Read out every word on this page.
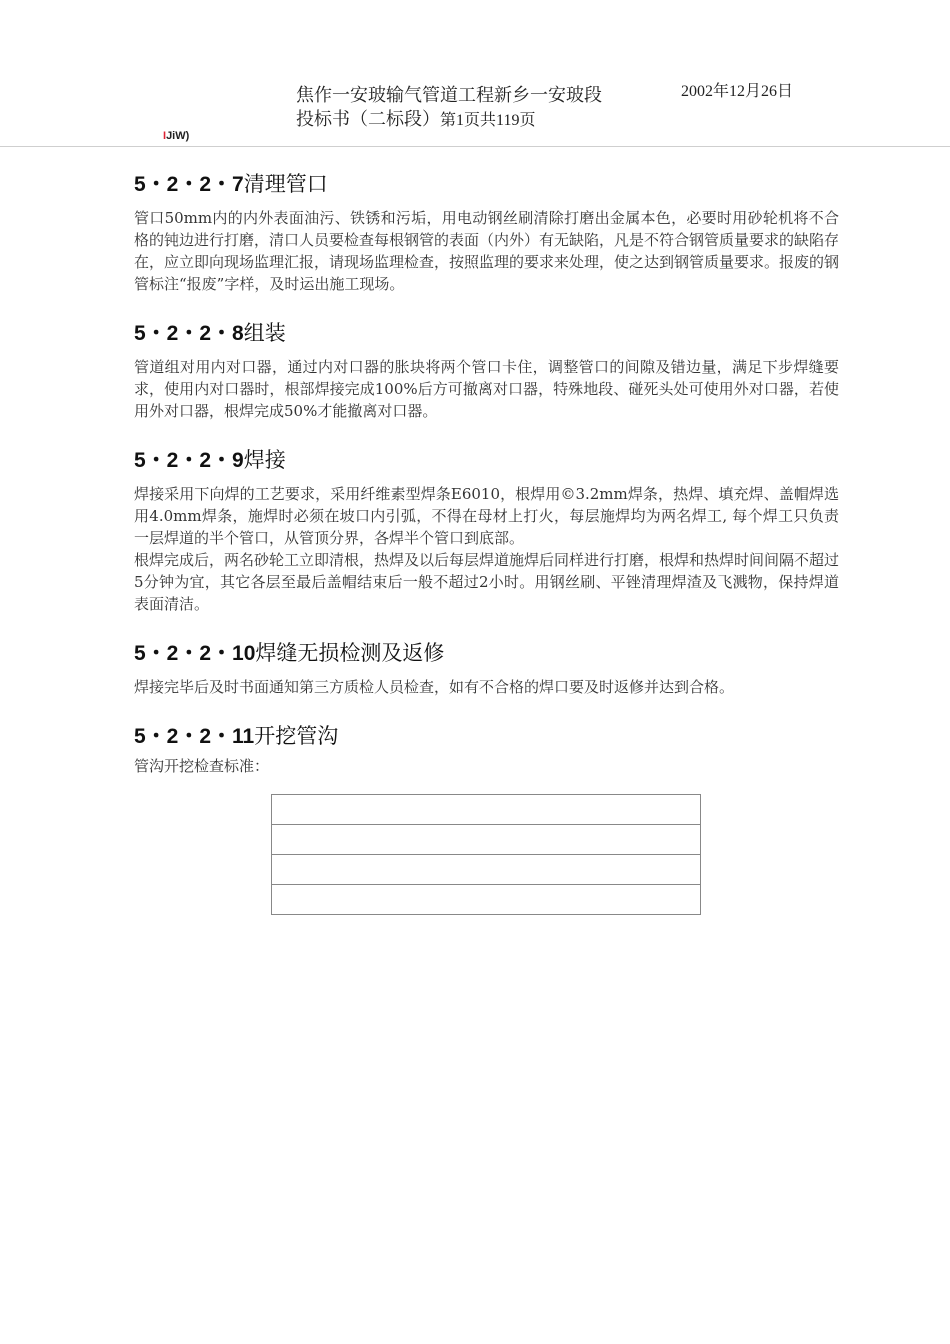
焦作一安玻输气管道工程新乡一安玻段
投标书（二标段）第1页共119页
2002年12月26日
IJiW)
5・2・2・7清理管口

管口50mm内的内外表面油污、铁锈和污垢，用电动钢丝刷清除打磨出金属本色，必要时用砂轮机将不合格的钝边进行打磨，清口人员要检查每根钢管的表面（内外）有无缺陷，凡是不符合钢管质量要求的缺陷存在，应立即向现场监理汇报，请现场监理检查，按照监理的要求来处理，使之达到钢管质量要求。报废的钢管标注“报废”字样，及时运出施工现场。

5・2・2・8组装

管道组对用内对口器，通过内对口器的胀块将两个管口卡住，调整管口的间隙及错边量，满足下步焊缝要求，使用内对口器时，根部焊接完成100%后方可撤离对口器，特殊地段、碰死头处可使用外对口器，若使用外对口器，根焊完成50%才能撤离对口器。

5・2・2・9焊接

焊接采用下向焊的工艺要求，采用纤维素型焊条E6010，根焊用©3.2mm焊条，热焊、填充焊、盖帽焊选用4.0mm焊条，施焊时必须在坡口内引弧，不得在母材上打火，每层施焊均为两名焊工, 每个焊工只负责一层焊道的半个管口，从管顶分界，各焊半个管口到底部。

根焊完成后，两名砂轮工立即清根，热焊及以后每层焊道施焊后同样进行打磨，根焊和热焊时间间隔不超过5分钟为宜，其它各层至最后盖帽结束后一般不超过2小时。用钢丝刷、平锉清理焊渣及飞溅物，保持焊道表面清洁。

5・2・2・10焊缝无损检测及返修

焊接完毕后及时书面通知第三方质检人员检查，如有不合格的焊口要及时返修并达到合格。

5・2・2・11开挖管沟

管沟开挖检查标准：
